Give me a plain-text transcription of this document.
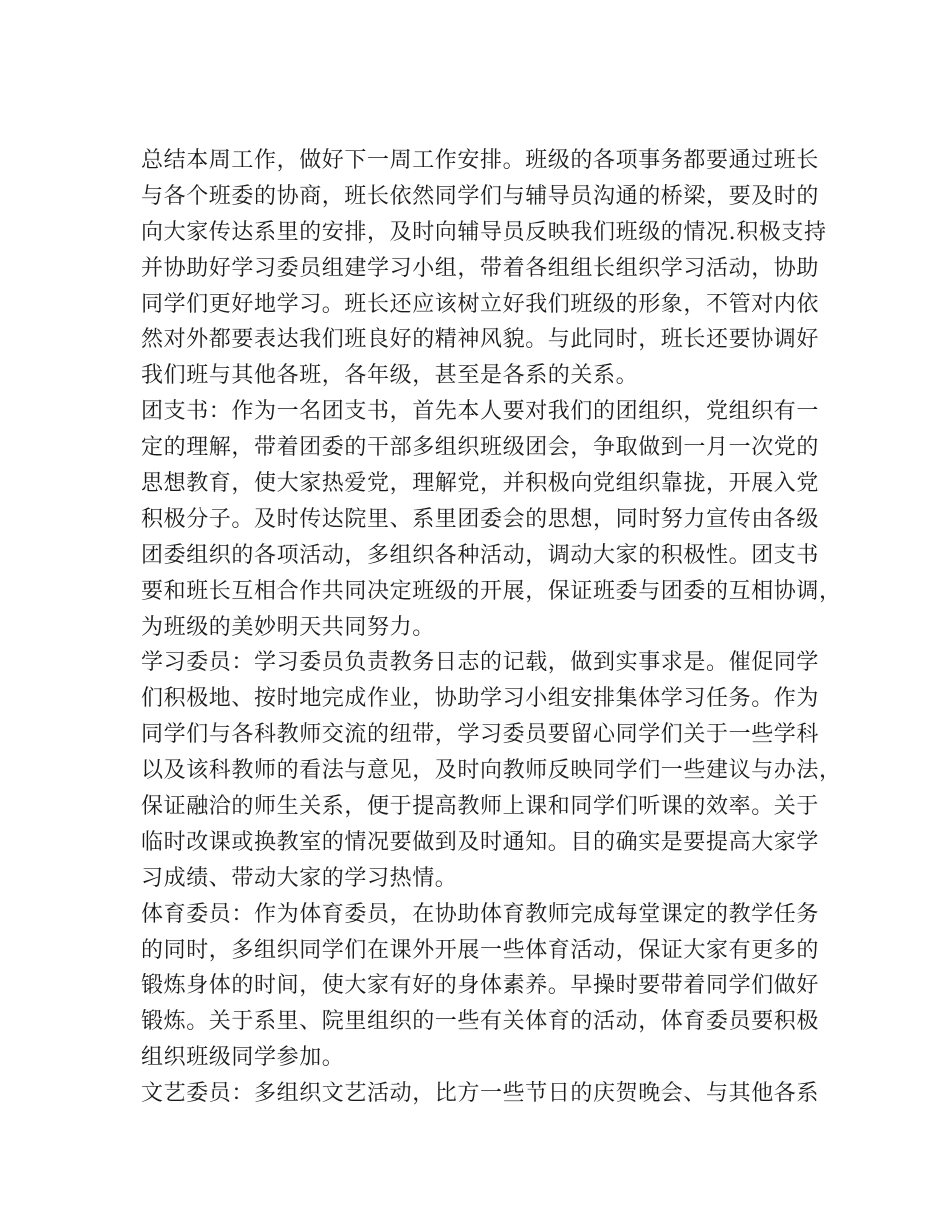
总结本周工作，做好下一周工作安排。班级的各项事务都要通过班长
与各个班委的协商，班长依然同学们与辅导员沟通的桥梁，要及时的
向大家传达系里的安排，及时向辅导员反映我们班级的情况.积极支持
并协助好学习委员组建学习小组，带着各组组长组织学习活动，协助
同学们更好地学习。班长还应该树立好我们班级的形象，不管对内依
然对外都要表达我们班良好的精神风貌。与此同时，班长还要协调好
我们班与其他各班，各年级，甚至是各系的关系。
团支书：作为一名团支书，首先本人要对我们的团组织，党组织有一
定的理解，带着团委的干部多组织班级团会，争取做到一月一次党的
思想教育，使大家热爱党，理解党，并积极向党组织靠拢，开展入党
积极分子。及时传达院里、系里团委会的思想，同时努力宣传由各级
团委组织的各项活动，多组织各种活动，调动大家的积极性。团支书
要和班长互相合作共同决定班级的开展，保证班委与团委的互相协调，
为班级的美妙明天共同努力。
学习委员：学习委员负责教务日志的记载，做到实事求是。催促同学
们积极地、按时地完成作业，协助学习小组安排集体学习任务。作为
同学们与各科教师交流的纽带，学习委员要留心同学们关于一些学科
以及该科教师的看法与意见，及时向教师反映同学们一些建议与办法，
保证融洽的师生关系，便于提高教师上课和同学们听课的效率。关于
临时改课或换教室的情况要做到及时通知。目的确实是要提高大家学
习成绩、带动大家的学习热情。
体育委员：作为体育委员，在协助体育教师完成每堂课定的教学任务
的同时，多组织同学们在课外开展一些体育活动，保证大家有更多的
锻炼身体的时间，使大家有好的身体素养。早操时要带着同学们做好
锻炼。关于系里、院里组织的一些有关体育的活动，体育委员要积极
组织班级同学参加。
文艺委员：多组织文艺活动，比方一些节日的庆贺晚会、与其他各系
